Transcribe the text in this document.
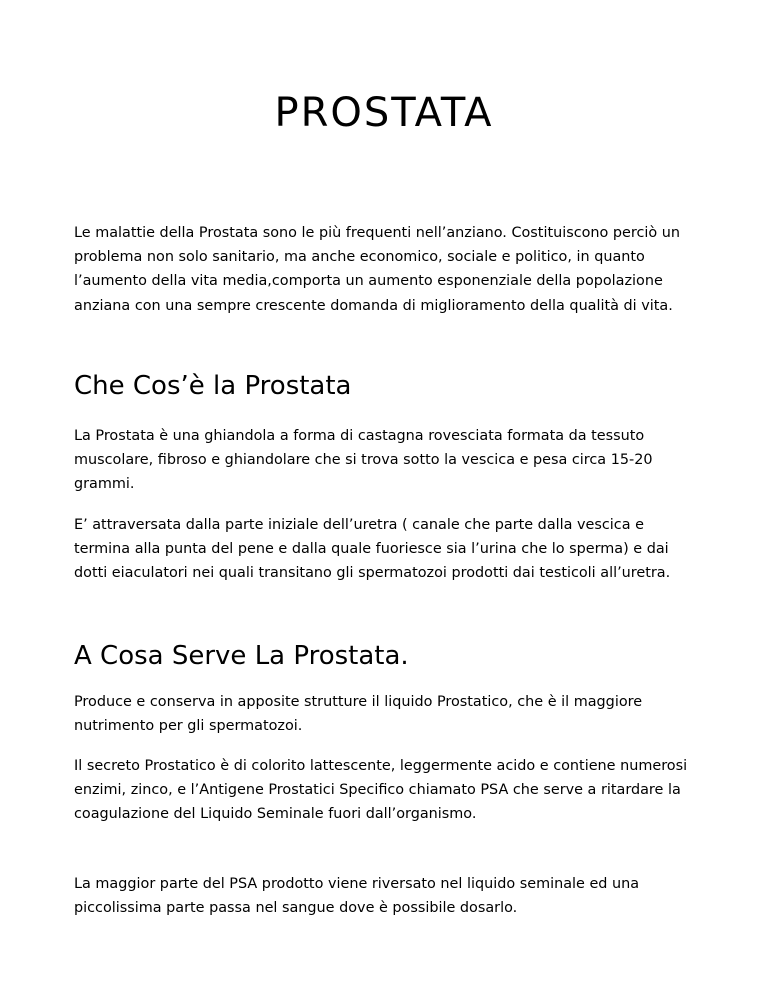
PROSTATA

Le malattie della Prostata sono le più frequenti nell’anziano. Costituiscono perciò un problema non solo sanitario, ma anche economico, sociale e politico, in quanto l’aumento della vita media,comporta un aumento esponenziale della popolazione anziana con una sempre crescente domanda di miglioramento della qualità di vita.

Che Cos’è la Prostata

La Prostata è una ghiandola a forma di castagna rovesciata formata da tessuto muscolare, fibroso e ghiandolare che si trova sotto la vescica e pesa circa 15-20 grammi.

E’ attraversata dalla parte iniziale dell’uretra ( canale che parte dalla vescica e termina alla punta del pene e dalla quale fuoriesce sia l’urina che lo sperma) e dai dotti eiaculatori nei quali transitano gli spermatozoi prodotti dai testicoli all’uretra.

A Cosa Serve La Prostata.

Produce e conserva in apposite strutture il liquido Prostatico, che è il maggiore nutrimento per gli spermatozoi.

Il secreto Prostatico è di colorito lattescente, leggermente acido e contiene numerosi enzimi, zinco, e l’Antigene Prostatici Specifico chiamato PSA che serve a ritardare la coagulazione del Liquido Seminale fuori dall’organismo.

La maggior parte del PSA prodotto viene riversato nel liquido seminale ed una piccolissima parte passa nel sangue dove è possibile dosarlo.
